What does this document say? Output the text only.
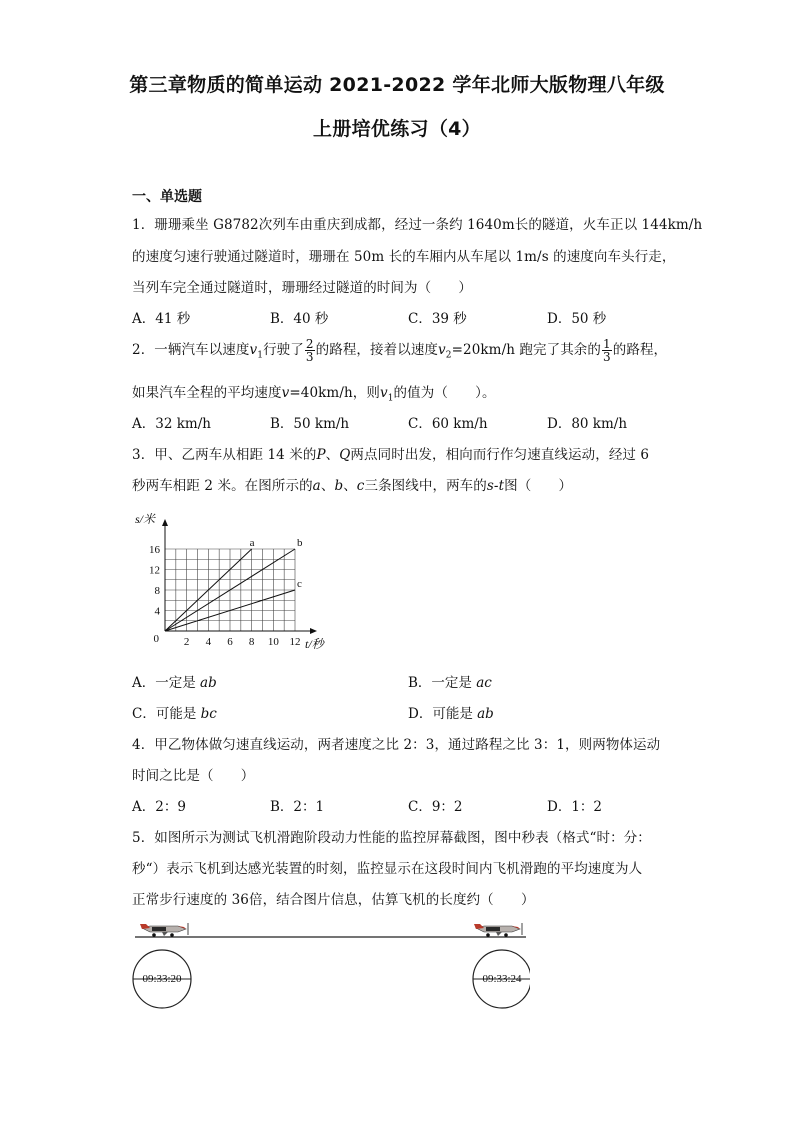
第三章物质的简单运动 2021-2022 学年北师大版物理八年级
上册培优练习（4）
一、单选题
1．珊珊乘坐 G8782次列车由重庆到成都，经过一条约 1640m长的隧道，火车正以 144km/h
的速度匀速行驶通过隧道时，珊珊在 50m 长的车厢内从车尾以 1m/s 的速度向车头行走，
当列车完全通过隧道时，珊珊经过隧道的时间为（　　）
A．41 秒	B．40 秒	C．39 秒	D．50 秒
2．一辆汽车以速度$v_1$行驶了 $\frac{2}{3}$ 的路程，接着以速度$v_2=20km/h$ 跑完了其余的 $\frac{1}{3}$ 的路程，
如果汽车全程的平均速度v=40km/h，则$v_1$的值为（　　）。
A．32 km/h	B．50 km/h	C．60 km/h	D．80 km/h
3．甲、乙两车从相距 14 米的P、Q两点同时出发，相向而行作匀速直线运动，经过 6
秒两车相距 2 米。在图所示的a、b、c三条图线中，两车的s-t图（　　）
a	b
c
2 4 6 8 10 12
4
8
12
16
0
s/米
t/秒
A．一定是 ab	B．一定是 ac
C．可能是 bc	D．可能是 ab
4．甲乙物体做匀速直线运动，两者速度之比 2：3，通过路程之比 3：1，则两物体运动
时间之比是（　　）
A．2：9	B．2：1	C．9：2	D．1：2
5．如图所示为测试飞机滑跑阶段动力性能的监控屏幕截图，图中秒表（格式“时：分：
秒“）表示飞机到达感光装置的时刻，监控显示在这段时间内飞机滑跑的平均速度为人
正常步行速度的 36倍，结合图片信息，估算飞机的长度约（　　）
09:33:20	09:33:24
